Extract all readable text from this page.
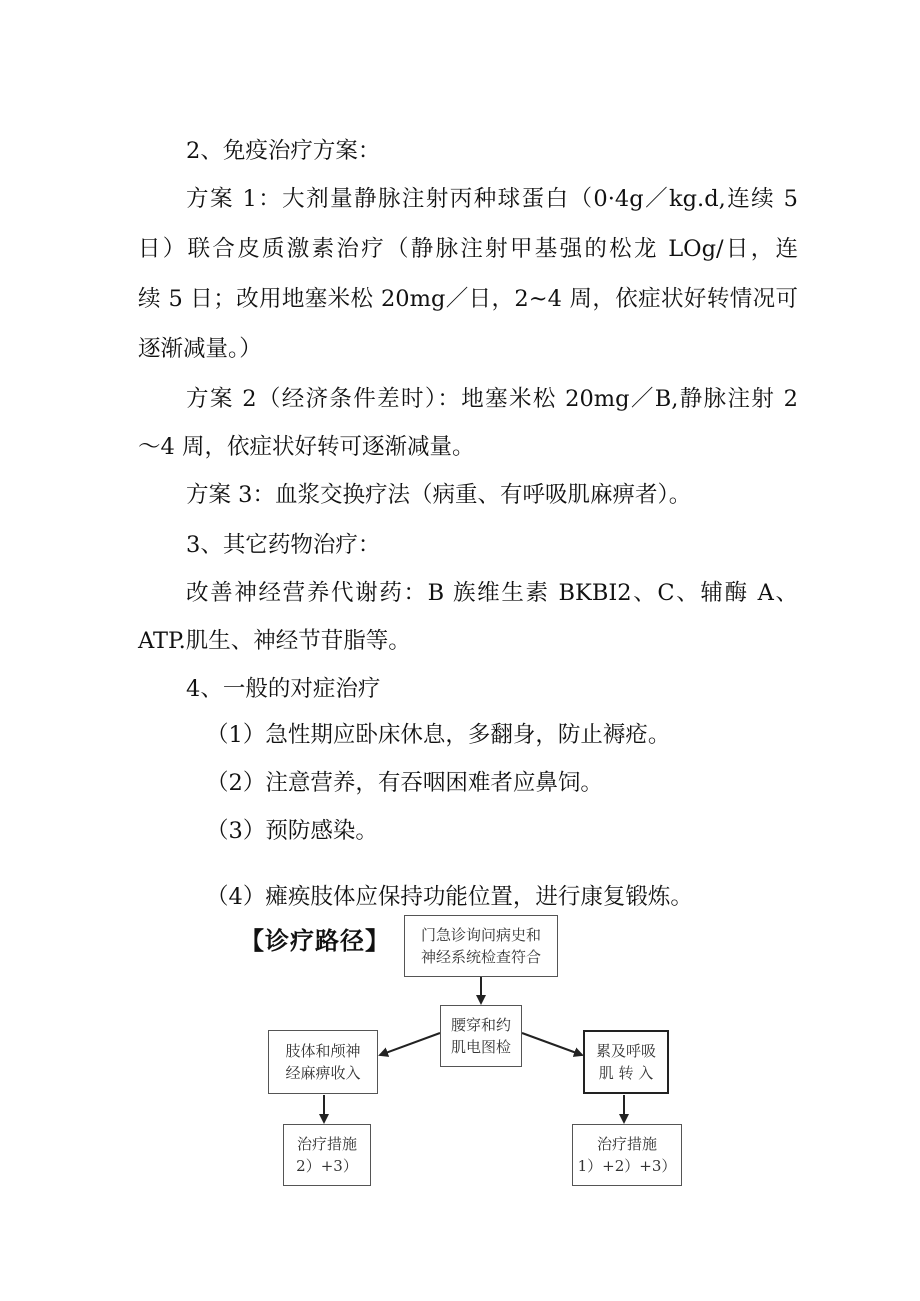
2、免疫治疗方案：
方案 1：大剂量静脉注射丙种球蛋白（0·4g／kg.d,连续 5
日）联合皮质激素治疗（静脉注射甲基强的松龙 LOg/日，连
续 5 日；改用地塞米松 20mg／日，2~4 周，依症状好转情况可
逐渐减量。）
方案 2（经济条件差时）：地塞米松 20mg／B,静脉注射 2
～4 周，依症状好转可逐渐减量。
方案 3：血浆交换疗法（病重、有呼吸肌麻痹者）。
3、其它药物治疗：
改善神经营养代谢药：B 族维生素 BKBI2、C、辅酶 A、
ATP.肌生、神经节苷脂等。
4、一般的对症治疗
（1）急性期应卧床休息，多翻身，防止褥疮。
（2）注意营养，有吞咽困难者应鼻饲。
（3）预防感染。
（4）瘫痪肢体应保持功能位置，进行康复锻炼。
【诊疗路径】 门急诊询问病史和
神经系统检查符合
腰穿和约
肌电图检
肢体和颅神
经麻痹收入
累及呼吸
肌 转 入
治疗措施
2）+3）
治疗措施
1）+2）+3）
